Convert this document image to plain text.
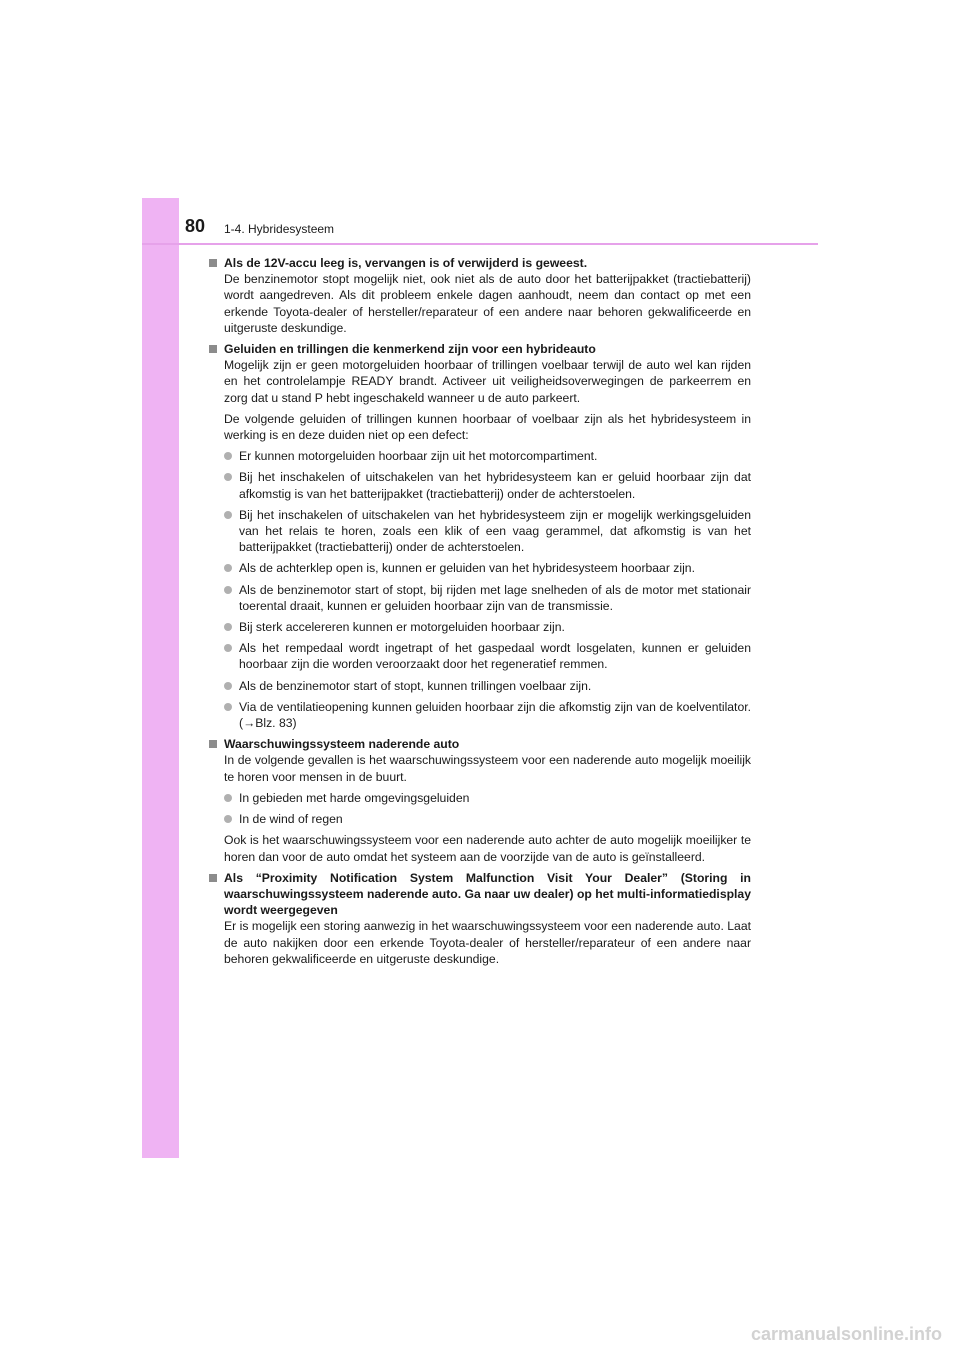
80 1-4. Hybridesysteem
Als de 12V-accu leeg is, vervangen is of verwijderd is geweest.

De benzinemotor stopt mogelijk niet, ook niet als de auto door het batterijpakket (tractiebatterij) wordt aangedreven. Als dit probleem enkele dagen aanhoudt, neem dan contact op met een erkende Toyota-dealer of hersteller/reparateur of een andere naar behoren gekwalificeerde en uitgeruste deskundige.

Geluiden en trillingen die kenmerkend zijn voor een hybrideauto

Mogelijk zijn er geen motorgeluiden hoorbaar of trillingen voelbaar terwijl de auto wel kan rijden en het controlelampje READY brandt. Activeer uit veiligheidsoverwegingen de parkeerrem en zorg dat u stand P hebt ingeschakeld wanneer u de auto parkeert.

De volgende geluiden of trillingen kunnen hoorbaar of voelbaar zijn als het hybridesysteem in werking is en deze duiden niet op een defect:

Er kunnen motorgeluiden hoorbaar zijn uit het motorcompartiment.
Bij het inschakelen of uitschakelen van het hybridesysteem kan er geluid hoorbaar zijn dat afkomstig is van het batterijpakket (tractiebatterij) onder de achterstoelen.
Bij het inschakelen of uitschakelen van het hybridesysteem zijn er mogelijk werkingsgeluiden van het relais te horen, zoals een klik of een vaag gerammel, dat afkomstig is van het batterijpakket (tractiebatterij) onder de achterstoelen.
Als de achterklep open is, kunnen er geluiden van het hybridesysteem hoorbaar zijn.
Als de benzinemotor start of stopt, bij rijden met lage snelheden of als de motor met stationair toerental draait, kunnen er geluiden hoorbaar zijn van de transmissie.
Bij sterk accelereren kunnen er motorgeluiden hoorbaar zijn.
Als het rempedaal wordt ingetrapt of het gaspedaal wordt losgelaten, kunnen er geluiden hoorbaar zijn die worden veroorzaakt door het regeneratief remmen.
Als de benzinemotor start of stopt, kunnen trillingen voelbaar zijn.
Via de ventilatieopening kunnen geluiden hoorbaar zijn die afkomstig zijn van de koelventilator. (→Blz. 83)
Waarschuwingssysteem naderende auto

In de volgende gevallen is het waarschuwingssysteem voor een naderende auto mogelijk moeilijk te horen voor mensen in de buurt.

In gebieden met harde omgevingsgeluiden
In de wind of regen

Ook is het waarschuwingssysteem voor een naderende auto achter de auto mogelijk moeilijker te horen dan voor de auto omdat het systeem aan de voorzijde van de auto is geïnstalleerd.

Als “Proximity Notification System Malfunction Visit Your Dealer” (Storing in waarschuwingssysteem naderende auto. Ga naar uw dealer) op het multi-informatiedisplay wordt weergegeven

Er is mogelijk een storing aanwezig in het waarschuwingssysteem voor een naderende auto. Laat de auto nakijken door een erkende Toyota-dealer of hersteller/reparateur of een andere naar behoren gekwalificeerde en uitgeruste deskundige.

carmanualsonline.info
